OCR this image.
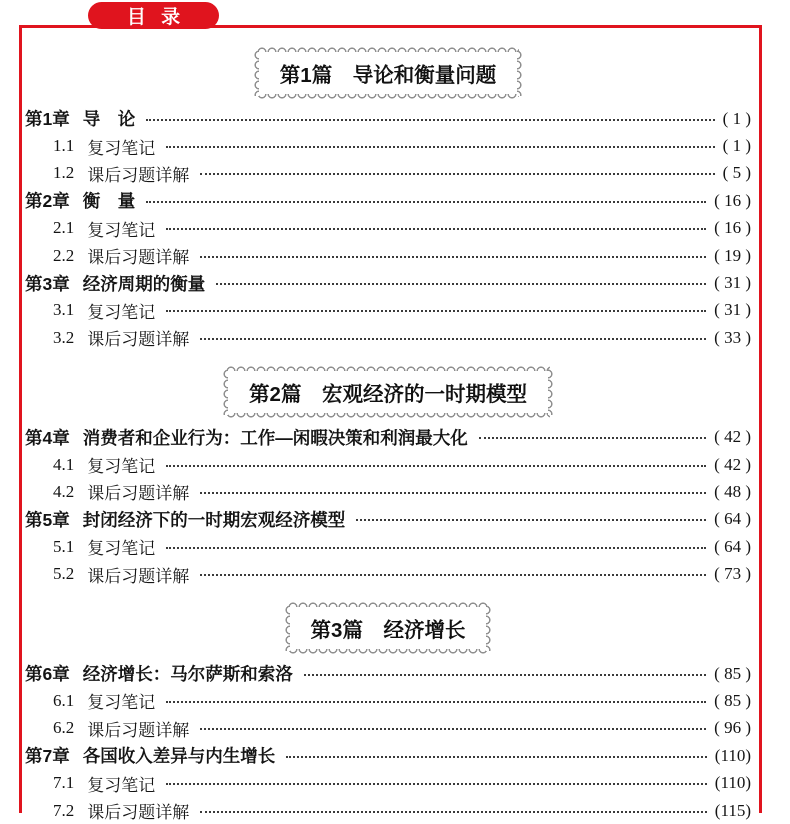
目 录
第1篇　导论和衡量问题
第1章 导　论	( 1 )
1.1 复习笔记	( 1 )
1.2 课后习题详解	( 5 )
第2章 衡　量	( 16 )
2.1 复习笔记	( 16 )
2.2 课后习题详解	( 19 )
第3章 经济周期的衡量	( 31 )
3.1 复习笔记	( 31 )
3.2 课后习题详解	( 33 )
第2篇　宏观经济的一时期模型
第4章 消费者和企业行为：工作—闲暇决策和利润最大化	( 42 )
4.1 复习笔记	( 42 )
4.2 课后习题详解	( 48 )
第5章 封闭经济下的一时期宏观经济模型	( 64 )
5.1 复习笔记	( 64 )
5.2 课后习题详解	( 73 )
第3篇　经济增长
第6章 经济增长：马尔萨斯和索洛	( 85 )
6.1 复习笔记	( 85 )
6.2 课后习题详解	( 96 )
第7章 各国收入差异与内生增长	(110)
7.1 复习笔记	(110)
7.2 课后习题详解	(115)
